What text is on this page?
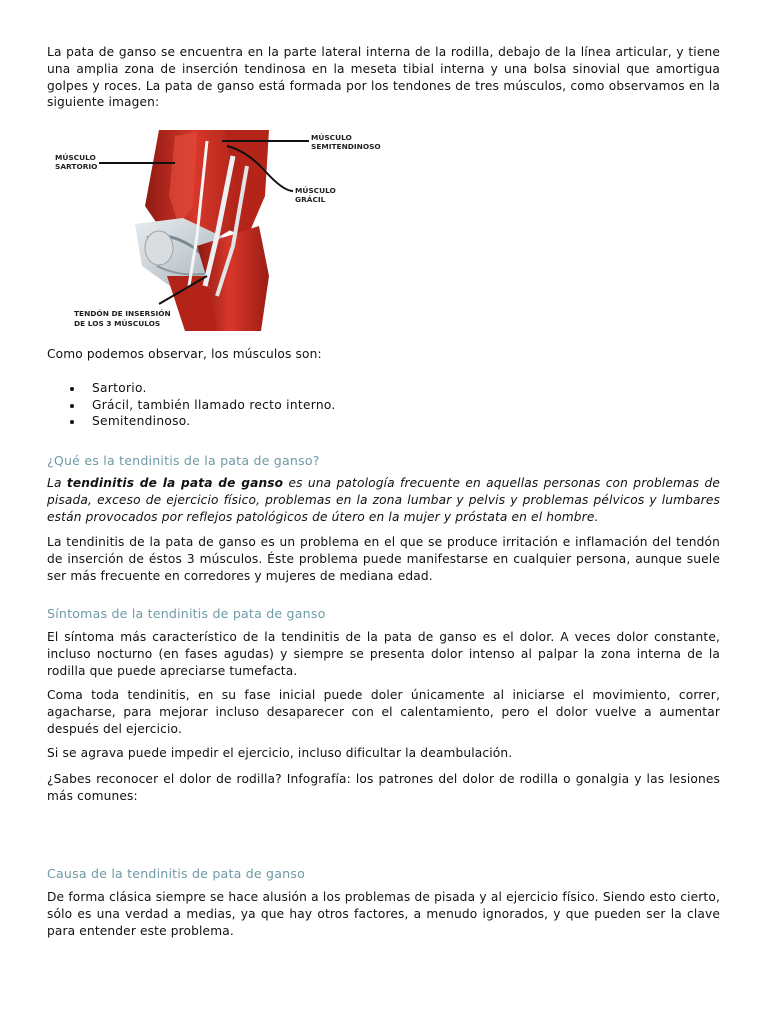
La pata de ganso se encuentra en la parte lateral interna de la rodilla, debajo de la línea articular, y tiene una amplia zona de inserción tendinosa en la meseta tibial interna y una bolsa sinovial que amortigua golpes y roces. La pata de ganso está formada por los tendones de tres músculos, como observamos en la siguiente imagen:

MÚSCULO
SEMITENDINOSO
MÚSCULO
SARTORIO
MÚSCULO
GRÁCIL
TENDÓN DE INSERSIÓN
DE LOS 3 MÚSCULOS

Como podemos observar, los músculos son:

Sartorio.
Grácil, también llamado recto interno.
Semitendinoso.
¿Qué es la tendinitis de la pata de ganso?

La tendinitis de la pata de ganso es una patología frecuente en aquellas personas con problemas de pisada, exceso de ejercicio físico, problemas en la zona lumbar y pelvis y problemas pélvicos y lumbares están provocados por reflejos patológicos de útero en la mujer y próstata en el hombre.

La tendinitis de la pata de ganso es un problema en el que se produce irritación e inflamación del tendón de inserción de éstos 3 músculos. Éste problema puede manifestarse en cualquier persona, aunque suele ser más frecuente en corredores y mujeres de mediana edad.

Síntomas de la tendinitis de pata de ganso

El síntoma más característico de la tendinitis de la pata de ganso es el dolor. A veces dolor constante, incluso nocturno (en fases agudas) y siempre se presenta dolor intenso al palpar la zona interna de la rodilla que puede apreciarse tumefacta.

Coma toda tendinitis, en su fase inicial puede doler únicamente al iniciarse el movimiento, correr, agacharse, para mejorar incluso desaparecer con el calentamiento, pero el dolor vuelve a aumentar después del ejercicio.

Si se agrava puede impedir el ejercicio, incluso dificultar la deambulación.

¿Sabes reconocer el dolor de rodilla? Infografía: los patrones del dolor de rodilla o gonalgia y las lesiones más comunes:

Causa de la tendinitis de pata de ganso

De forma clásica siempre se hace alusión a los problemas de pisada y al ejercicio físico. Siendo esto cierto, sólo es una verdad a medias, ya que hay otros factores, a menudo ignorados, y que pueden ser la clave para entender este problema.
